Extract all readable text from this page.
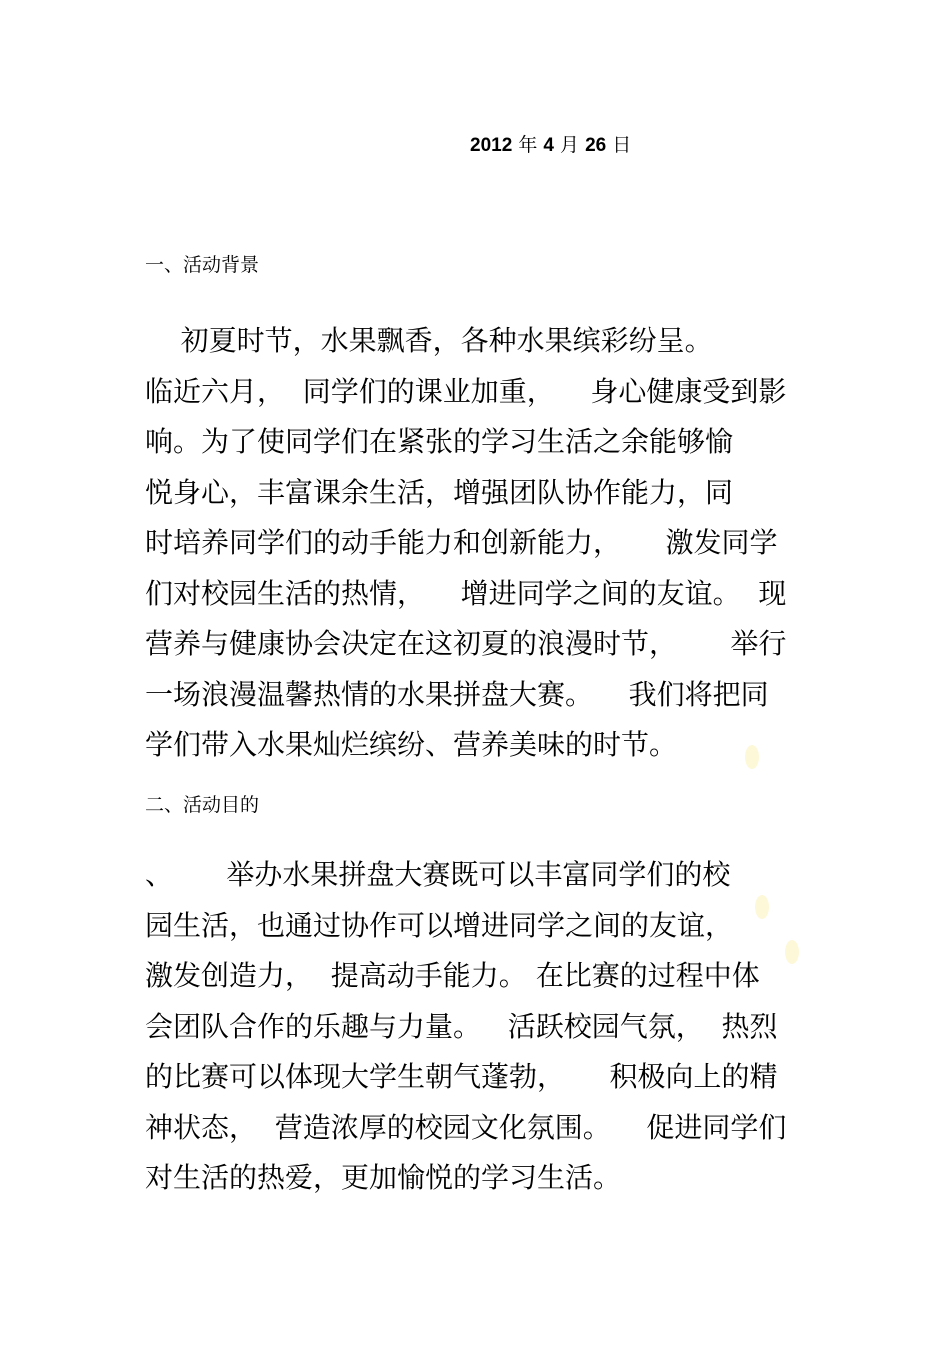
2012 年 4 月 26 日
一、活动背景
初夏时节，水果飘香，各种水果缤彩纷呈。
临近六月，  同学们的课业加重，    身心健康受到影
响。为了使同学们在紧张的学习生活之余能够愉
悦身心，丰富课余生活，增强团队协作能力，同
时培养同学们的动手能力和创新能力，     激发同学
们对校园生活的热情，    增进同学之间的友谊。  现
营养与健康协会决定在这初夏的浪漫时节，      举行
一场浪漫温馨热情的水果拼盘大赛。    我们将把同
学们带入水果灿烂缤纷、营养美味的时节。
二、活动目的
、      举办水果拼盘大赛既可以丰富同学们的校
园生活，也通过协作可以增进同学之间的友谊，
激发创造力，  提高动手能力。 在比赛的过程中体
会团队合作的乐趣与力量。   活跃校园气氛，  热烈
的比赛可以体现大学生朝气蓬勃，     积极向上的精
神状态，  营造浓厚的校园文化氛围。    促进同学们
对生活的热爱，更加愉悦的学习生活。
